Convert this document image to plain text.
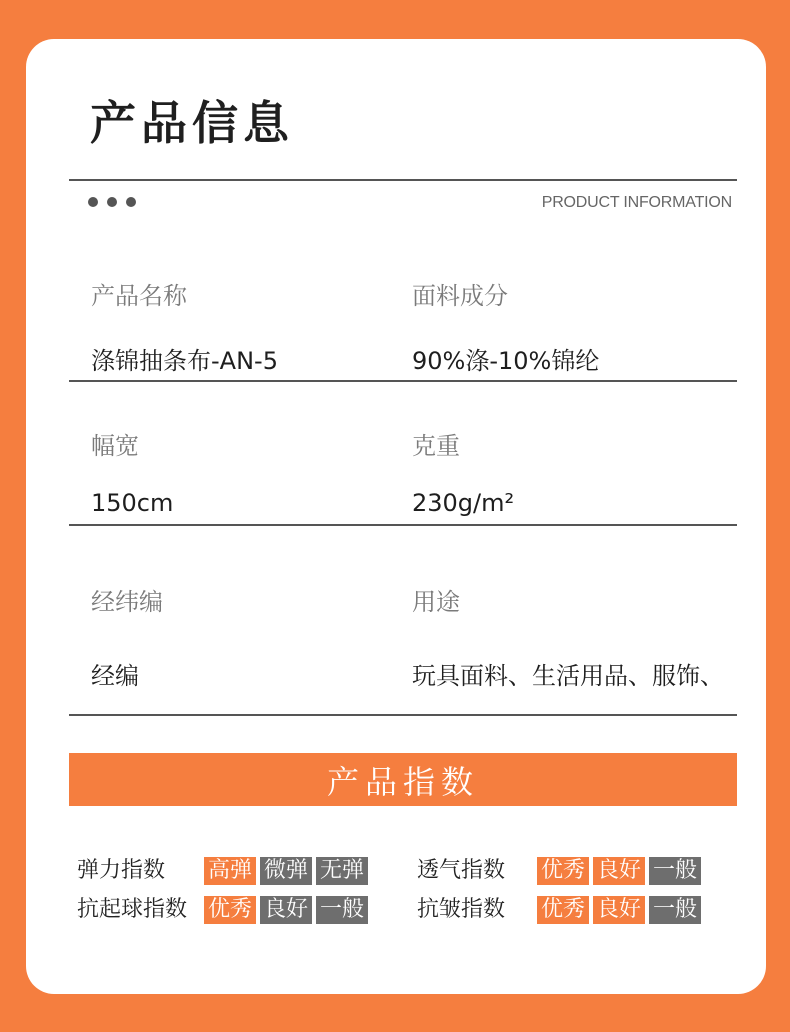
产品信息
PRODUCT INFORMATION
产品名称
涤锦抽条布-AN-5
面料成分
90%涤-10%锦纶
幅宽
150cm
克重
230g/m²
经纬编
经编
用途
玩具面料、生活用品、服饰、
产品指数
弹力指数 高弹 微弹 无弹 透气指数 优秀 良好 一般
抗起球指数 优秀 良好 一般 抗皱指数 优秀 良好 一般
